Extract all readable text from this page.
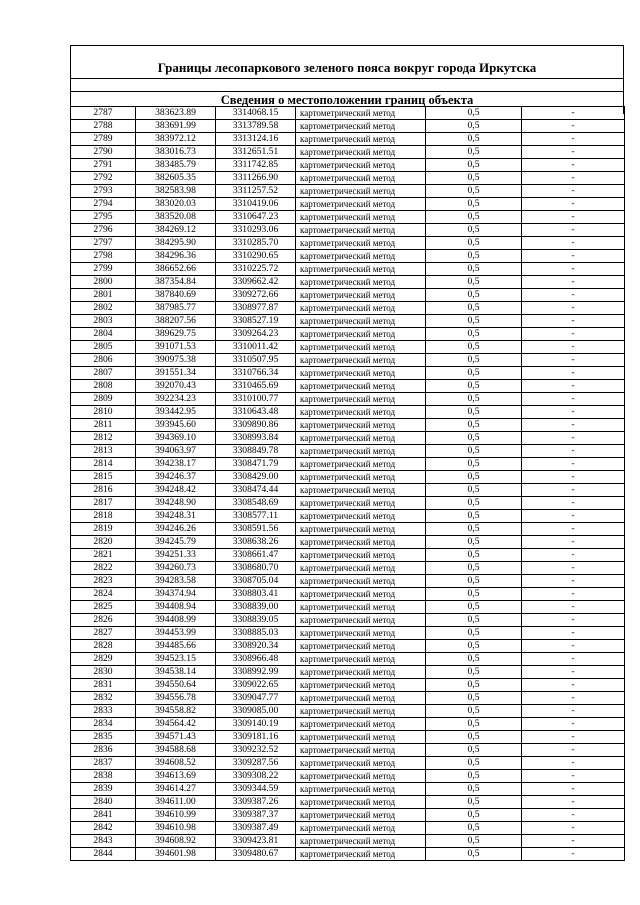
Границы лесопаркового зеленого пояса вокруг города Иркутска
Сведения о местоположении границ объекта
2787	383623.89	3314068.15	картометрический метод	0,5	-
2788	383691.99	3313789.58	картометрический метод	0,5	-
2789	383972.12	3313124.16	картометрический метод	0,5	-
2790	383016.73	3312651.51	картометрический метод	0,5	-
2791	383485.79	3311742.85	картометрический метод	0,5	-
2792	382605.35	3311266.90	картометрический метод	0,5	-
2793	382583.98	3311257.52	картометрический метод	0,5	-
2794	383020.03	3310419.06	картометрический метод	0,5	-
2795	383520.08	3310647.23	картометрический метод	0,5	-
2796	384269.12	3310293.06	картометрический метод	0,5	-
2797	384295.90	3310285.70	картометрический метод	0,5	-
2798	384296.36	3310290.65	картометрический метод	0,5	-
2799	386652.66	3310225.72	картометрический метод	0,5	-
2800	387354.84	3309662.42	картометрический метод	0,5	-
2801	387840.69	3309272.66	картометрический метод	0,5	-
2802	387985.77	3308977.87	картометрический метод	0,5	-
2803	388207.56	3308527.19	картометрический метод	0,5	-
2804	389629.75	3309264.23	картометрический метод	0,5	-
2805	391071.53	3310011.42	картометрический метод	0,5	-
2806	390975.38	3310507.95	картометрический метод	0,5	-
2807	391551.34	3310766.34	картометрический метод	0,5	-
2808	392070.43	3310465.69	картометрический метод	0,5	-
2809	392234.23	3310100.77	картометрический метод	0,5	-
2810	393442.95	3310643.48	картометрический метод	0,5	-
2811	393945.60	3309890.86	картометрический метод	0,5	-
2812	394369.10	3308993.84	картометрический метод	0,5	-
2813	394063.97	3308849.78	картометрический метод	0,5	-
2814	394238.17	3308471.79	картометрический метод	0,5	-
2815	394246.37	3308429.00	картометрический метод	0,5	-
2816	394248.42	3308474.44	картометрический метод	0,5	-
2817	394248.90	3308548.69	картометрический метод	0,5	-
2818	394248.31	3308577.11	картометрический метод	0,5	-
2819	394246.26	3308591.56	картометрический метод	0,5	-
2820	394245.79	3308638.26	картометрический метод	0,5	-
2821	394251.33	3308661.47	картометрический метод	0,5	-
2822	394260.73	3308680.70	картометрический метод	0,5	-
2823	394283.58	3308705.04	картометрический метод	0,5	-
2824	394374.94	3308803.41	картометрический метод	0,5	-
2825	394408.94	3308839.00	картометрический метод	0,5	-
2826	394408.99	3308839.05	картометрический метод	0,5	-
2827	394453.99	3308885.03	картометрический метод	0,5	-
2828	394485.66	3308920.34	картометрический метод	0,5	-
2829	394523.15	3308966.48	картометрический метод	0,5	-
2830	394538.14	3308992.99	картометрический метод	0,5	-
2831	394550.64	3309022.65	картометрический метод	0,5	-
2832	394556.78	3309047.77	картометрический метод	0,5	-
2833	394558.82	3309085.00	картометрический метод	0,5	-
2834	394564.42	3309140.19	картометрический метод	0,5	-
2835	394571.43	3309181.16	картометрический метод	0,5	-
2836	394588.68	3309232.52	картометрический метод	0,5	-
2837	394608.52	3309287.56	картометрический метод	0,5	-
2838	394613.69	3309308.22	картометрический метод	0,5	-
2839	394614.27	3309344.59	картометрический метод	0,5	-
2840	394611.00	3309387.26	картометрический метод	0,5	-
2841	394610.99	3309387.37	картометрический метод	0,5	-
2842	394610.98	3309387.49	картометрический метод	0,5	-
2843	394608.92	3309423.81	картометрический метод	0,5	-
2844	394601.98	3309480.67	картометрический метод	0,5	-
